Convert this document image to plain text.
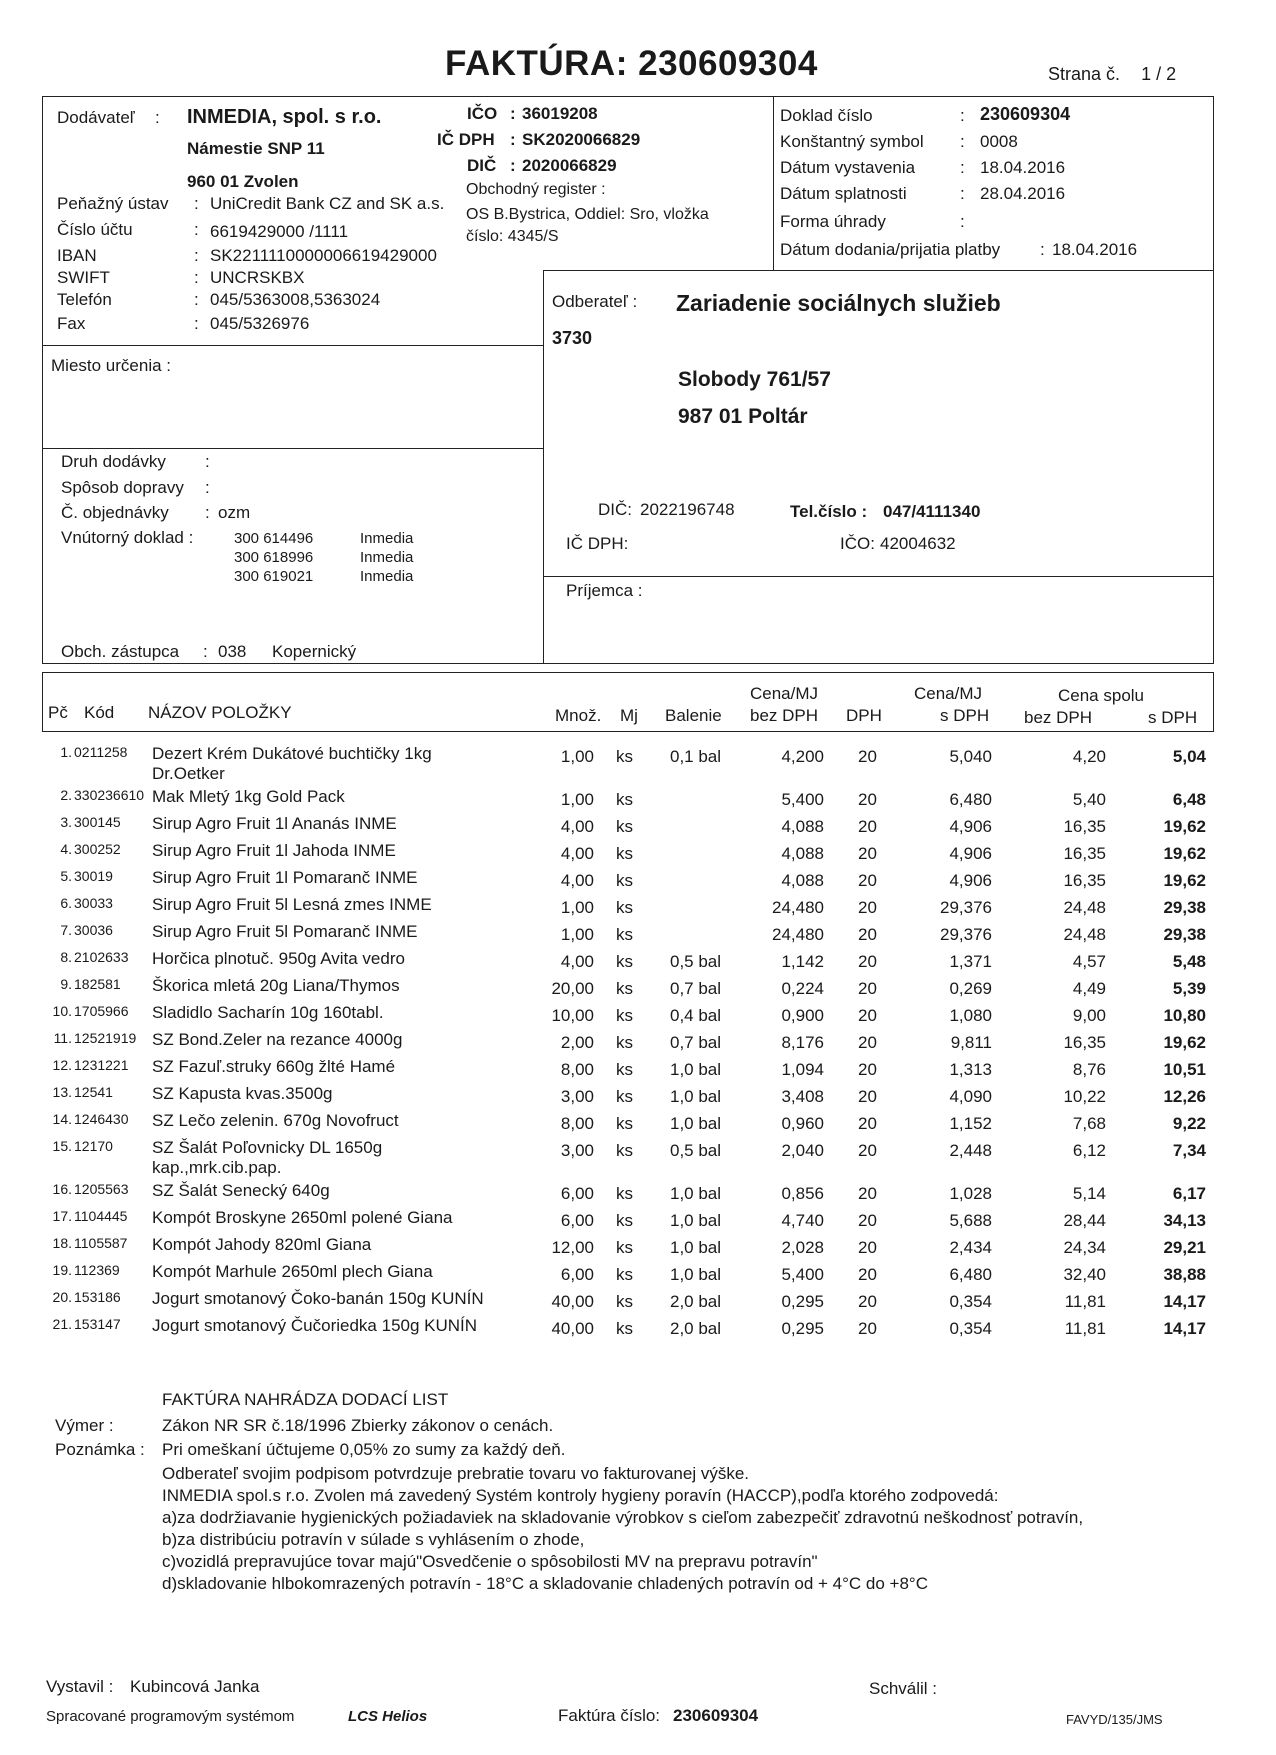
FAKTÚRA: 230609304	Strana č. 1 / 2
Dodávateľ : INMEDIA, spol. s r.o.
Námestie SNP 11
960 01 Zvolen
IČO : 36019208
IČ DPH : SK2020066829
DIČ : 2020066829
Obchodný register :
OS B.Bystrica, Oddiel: Sro, vložka
číslo: 4345/S
Peňažný ústav : UniCredit Bank CZ and SK a.s.
Číslo účtu	: 6619429000 /1111
IBAN	: SK2211110000006619429000
SWIFT	: UNCRSKBX
Telefón	: 045/5363008,5363024
Fax	: 045/5326976
Doklad číslo	: 230609304
Konštantný symbol : 0008
Dátum vystavenia	: 18.04.2016
Dátum splatnosti	: 28.04.2016
Forma úhrady	:
Dátum dodania/prijatia platby : 18.04.2016
Odberateľ : Zariadenie sociálnych služieb
3730
Slobody 761/57
987 01 Poltár
DIČ: 2022196748	Tel.číslo : 047/4111340
IČ DPH:	IČO: 42004632
Príjemca :
Miesto určenia :
Druh dodávky :
Spôsob dopravy :
Č. objednávky : ozm
Vnútorný doklad :	300 614496	Inmedia
300 618996	Inmedia
300 619021	Inmedia
Obch. zástupca : 038 Kopernický
Pč Kód NÁZOV POLOŽKY	Množ. Mj Balenie
Cena/MJ
bez DPH DPH
Cena/MJ
s DPH
Cena spolu
bez DPH	s DPH
1. 0211258 Dezert Krém Dukátové buchtičky 1kg	1,00 ks 0,1 bal	4,200 20	5,040	4,20	5,04
Dr.Oetker
2. 330236610 Mak Mletý 1kg Gold Pack	1,00 ks	5,400 20	6,480	5,40	6,48
3. 300145 Sirup Agro Fruit 1l Ananás INME	4,00 ks	4,088 20	4,906	16,35	19,62
4. 300252 Sirup Agro Fruit 1l Jahoda INME	4,00 ks	4,088 20	4,906	16,35	19,62
5. 30019 Sirup Agro Fruit 1l Pomaranč INME	4,00 ks	4,088 20	4,906	16,35	19,62
6. 30033 Sirup Agro Fruit 5l Lesná zmes INME	1,00 ks	24,480 20	29,376	24,48	29,38
7. 30036 Sirup Agro Fruit 5l Pomaranč INME	1,00 ks	24,480 20	29,376	24,48	29,38
8. 2102633 Horčica plnotuč. 950g Avita vedro	4,00 ks 0,5 bal	1,142 20	1,371	4,57	5,48
9. 182581 Škorica mletá 20g Liana/Thymos	20,00 ks 0,7 bal	0,224 20	0,269	4,49	5,39
10. 1705966 Sladidlo Sacharín 10g 160tabl.	10,00 ks 0,4 bal	0,900 20	1,080	9,00	10,80
11. 12521919 SZ Bond.Zeler na rezance 4000g	2,00 ks 0,7 bal	8,176 20	9,811	16,35	19,62
12. 1231221 SZ Fazuľ.struky 660g žlté Hamé	8,00 ks 1,0 bal	1,094 20	1,313	8,76	10,51
13. 12541 SZ Kapusta kvas.3500g	3,00 ks 1,0 bal	3,408 20	4,090	10,22	12,26
14. 1246430 SZ Lečo zelenin. 670g Novofruct	8,00 ks 1,0 bal	0,960 20	1,152	7,68	9,22
15. 12170 SZ Šalát Poľovnicky DL 1650g	3,00 ks 0,5 bal	2,040 20	2,448	6,12	7,34
kap.,mrk.cib.pap.
16. 1205563 SZ Šalát Senecký 640g	6,00 ks 1,0 bal	0,856 20	1,028	5,14	6,17
17. 1104445 Kompót Broskyne 2650ml polené Giana	6,00 ks 1,0 bal	4,740 20	5,688	28,44	34,13
18. 1105587 Kompót Jahody 820ml Giana	12,00 ks 1,0 bal	2,028 20	2,434	24,34	29,21
19. 112369 Kompót Marhule 2650ml plech Giana	6,00 ks 1,0 bal	5,400 20	6,480	32,40	38,88
20. 153186 Jogurt smotanový Čoko-banán 150g KUNÍN	40,00 ks 2,0 bal	0,295 20	0,354	11,81	14,17
21. 153147 Jogurt smotanový Čučoriedka 150g KUNÍN	40,00 ks 2,0 bal	0,295 20	0,354	11,81	14,17
FAKTÚRA NAHRÁDZA DODACÍ LIST
Výmer :	Zákon NR SR č.18/1996 Zbierky zákonov o cenách.
Poznámka : Pri omeškaní účtujeme 0,05% zo sumy za každý deň.
Odberateľ svojim podpisom potvrdzuje prebratie tovaru vo fakturovanej výške.
INMEDIA spol.s r.o. Zvolen má zavedený Systém kontroly hygieny poravín (HACCP),podľa ktorého zodpovedá:
a)za dodržiavanie hygienických požiadaviek na skladovanie výrobkov s cieľom zabezpečiť zdravotnú neškodnosť potravín,
b)za distribúciu potravín v súlade s vyhlásením o zhode,
c)vozidlá prepravujúce tovar majú"Osvedčenie o spôsobilosti MV na prepravu potravín"
d)skladovanie hlbokomrazených potravín - 18°C a skladovanie chladených potravín od + 4°C do +8°C
Vystavil : Kubincová Janka	Schválil :
Spracované programovým systémom	LCS Helios	Faktúra číslo: 230609304	FAVYD/135/JMS
